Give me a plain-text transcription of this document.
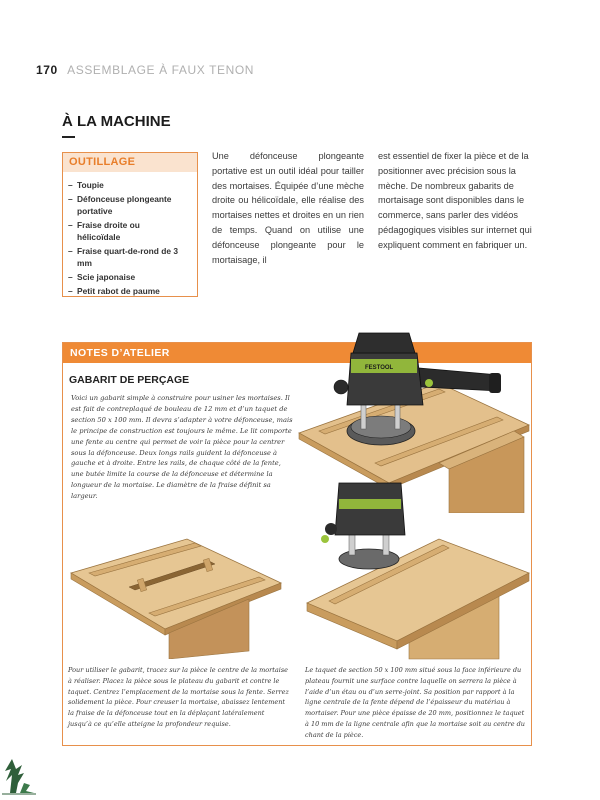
170 ASSEMBLAGE À FAUX TENON
À LA MACHINE
OUTILLAGE
– Toupie
– Défonceuse plongeante portative
– Fraise droite ou hélicoïdale
– Fraise quart-de-rond de 3 mm
– Scie japonaise
– Petit rabot de paume
Une défonceuse plongeante portative est un outil idéal pour tailler des mortaises. Équipée d’une mèche droite ou hélicoïdale, elle réalise des mortaises nettes et droites en un rien de temps. Quand on utilise une défonceuse plongeante pour le mortaisage, il
est essentiel de fixer la pièce et de la positionner avec précision sous la mèche. De nombreux gabarits de mortaisage sont disponibles dans le commerce, sans parler des vidéos pédagogiques visibles sur internet qui expliquent comment en fabriquer un.
NOTES D’ATELIER
GABARIT DE PERÇAGE
Voici un gabarit simple à construire pour usiner les mortaises. Il est fait de contreplaqué de bouleau de 12 mm et d’un taquet de section 50 x 100 mm. Il devra s’adapter à votre défonceuse, mais le principe de construction est toujours le même. Le lit comporte une fente au centre qui permet de voir la pièce pour la centrer sous la défonceuse. Deux longs rails guident la défonceuse à gauche et à droite. Entre les rails, de chaque côté de la fente, une butée limite la course de la défonceuse et détermine la longueur de la mortaise. Le diamètre de la fraise définit sa largeur.
FESTOOL
Pour utiliser le gabarit, tracez sur la pièce le centre de la mortaise à réaliser. Placez la pièce sous le plateau du gabarit et contre le taquet. Centrez l’emplacement de la mortaise sous la fente. Serrez solidement la pièce. Pour creuser la mortaise, abaissez lentement la fraise de la défonceuse tout en la déplaçant latéralement jusqu’à ce qu’elle atteigne la profondeur requise.
Le taquet de section 50 x 100 mm situé sous la face inférieure du plateau fournit une surface contre laquelle on serrera la pièce à l’aide d’un étau ou d’un serre-joint. Sa position par rapport à la ligne centrale de la fente dépend de l’épaisseur du matériau à mortaiser. Pour une pièce épaisse de 20 mm, positionnez le taquet à 10 mm de la ligne centrale afin que la mortaise soit au centre du chant de la pièce.
